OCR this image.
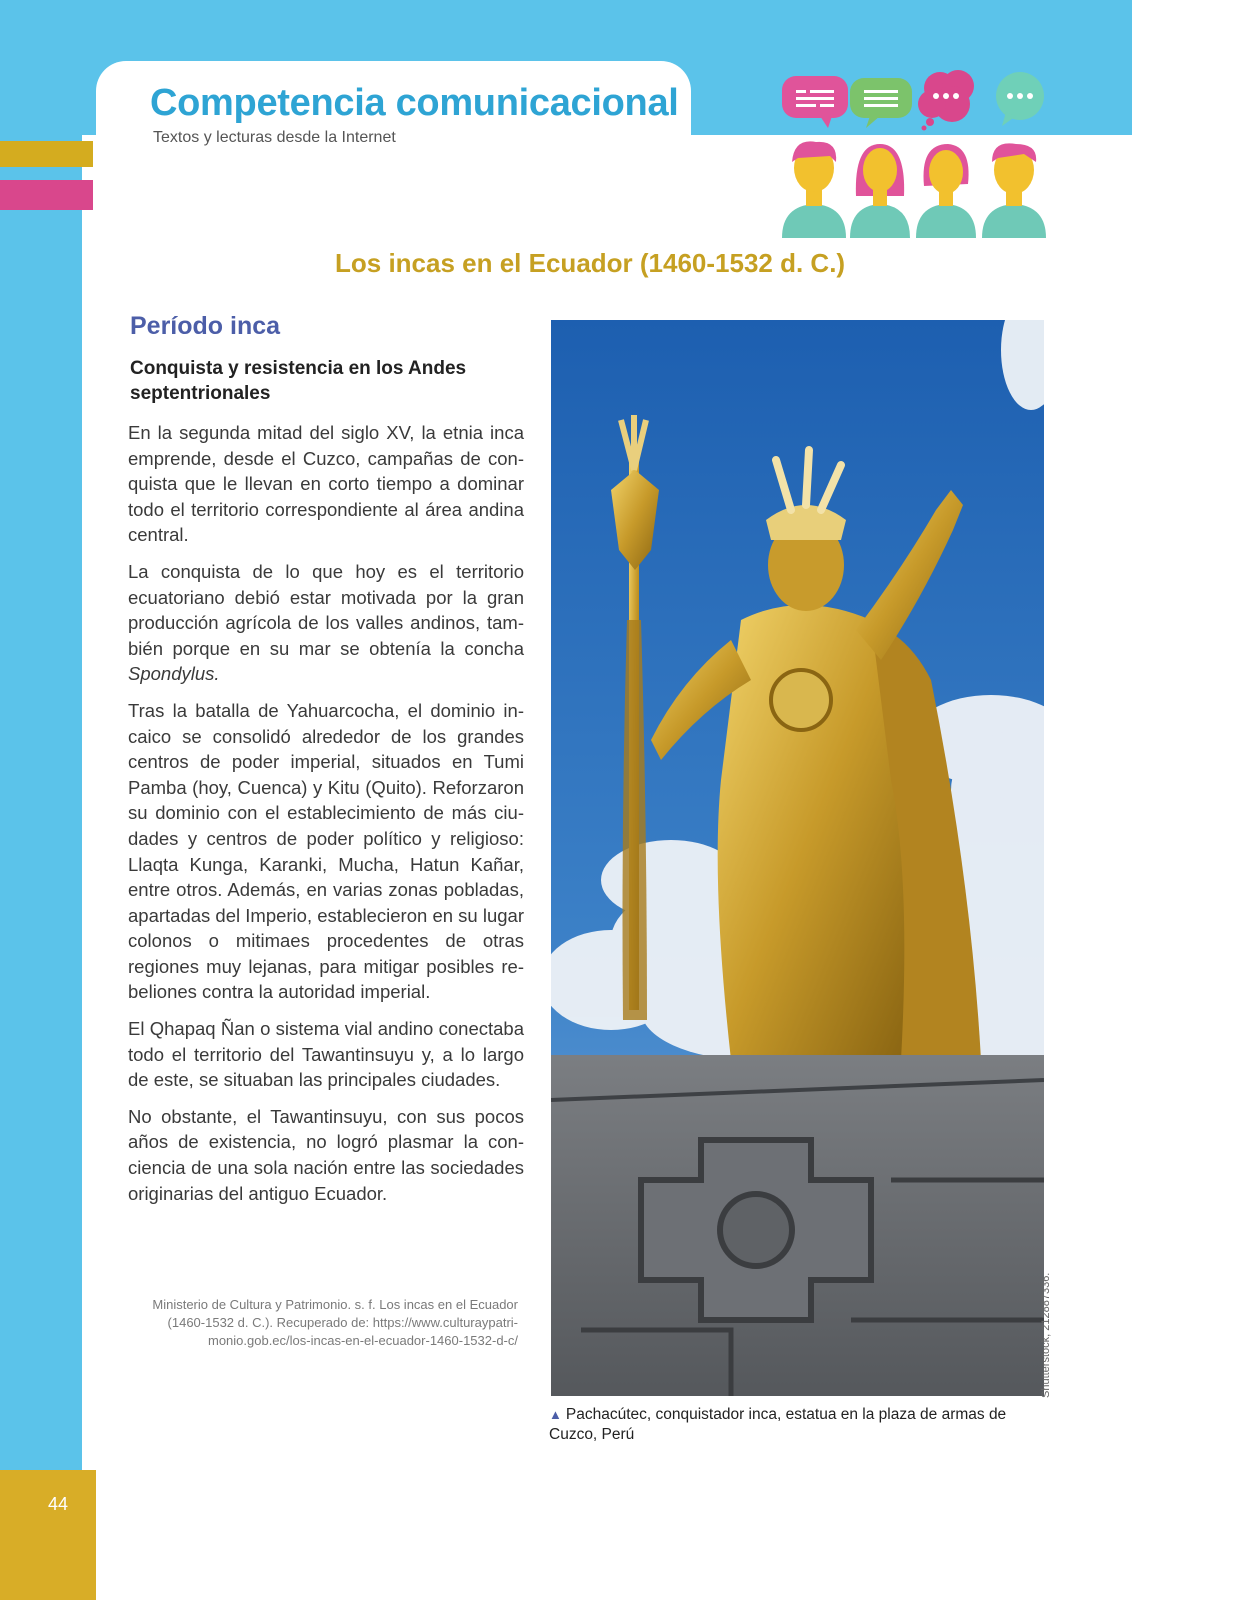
Competencia comunicacional

Textos y lecturas desde la Internet

Los incas en el Ecuador (1460-1532 d. C.)
Período inca
Conquista y resistencia en los Andes septentrionales

En la segunda mitad del siglo XV, la etnia inca emprende, desde el Cuzco, campañas de conquista que le llevan en corto tiempo a dominar todo el territorio correspondiente al área andina central.

La conquista de lo que hoy es el territorio ecuatoriano debió estar motivada por la gran producción agrícola de los valles andinos, también porque en su mar se obtenía la concha Spondylus.

Tras la batalla de Yahuarcocha, el dominio incaico se consolidó alrededor de los grandes centros de poder imperial, situados en Tumi Pamba (hoy, Cuenca) y Kitu (Quito). Reforzaron su dominio con el establecimiento de más ciudades y centros de poder político y religioso: Llaqta Kunga, Karanki, Mucha, Hatun Kañar, entre otros. Además, en varias zonas pobladas, apartadas del Imperio, establecieron en su lugar colonos o mitimaes procedentes de otras regiones muy lejanas, para mitigar posibles rebeliones contra la autoridad imperial.

El Qhapaq Ñan o sistema vial andino conectaba todo el territorio del Tawantinsuyu y, a lo largo de este, se situaban las principales ciudades.

No obstante, el Tawantinsuyu, con sus pocos años de existencia, no logró plasmar la conciencia de una sola nación entre las sociedades originarias del antiguo Ecuador.

Ministerio de Cultura y Patrimonio. s. f. Los incas en el Ecuador (1460-1532 d. C.). Recuperado de: https://www.culturaypatrimonio.gob.ec/los-incas-en-el-ecuador-1460-1532-d-c/	Shutterstock, 212887336.

▲ Pachacútec, conquistador inca, estatua en la plaza de armas de Cuzco, Perú

44
